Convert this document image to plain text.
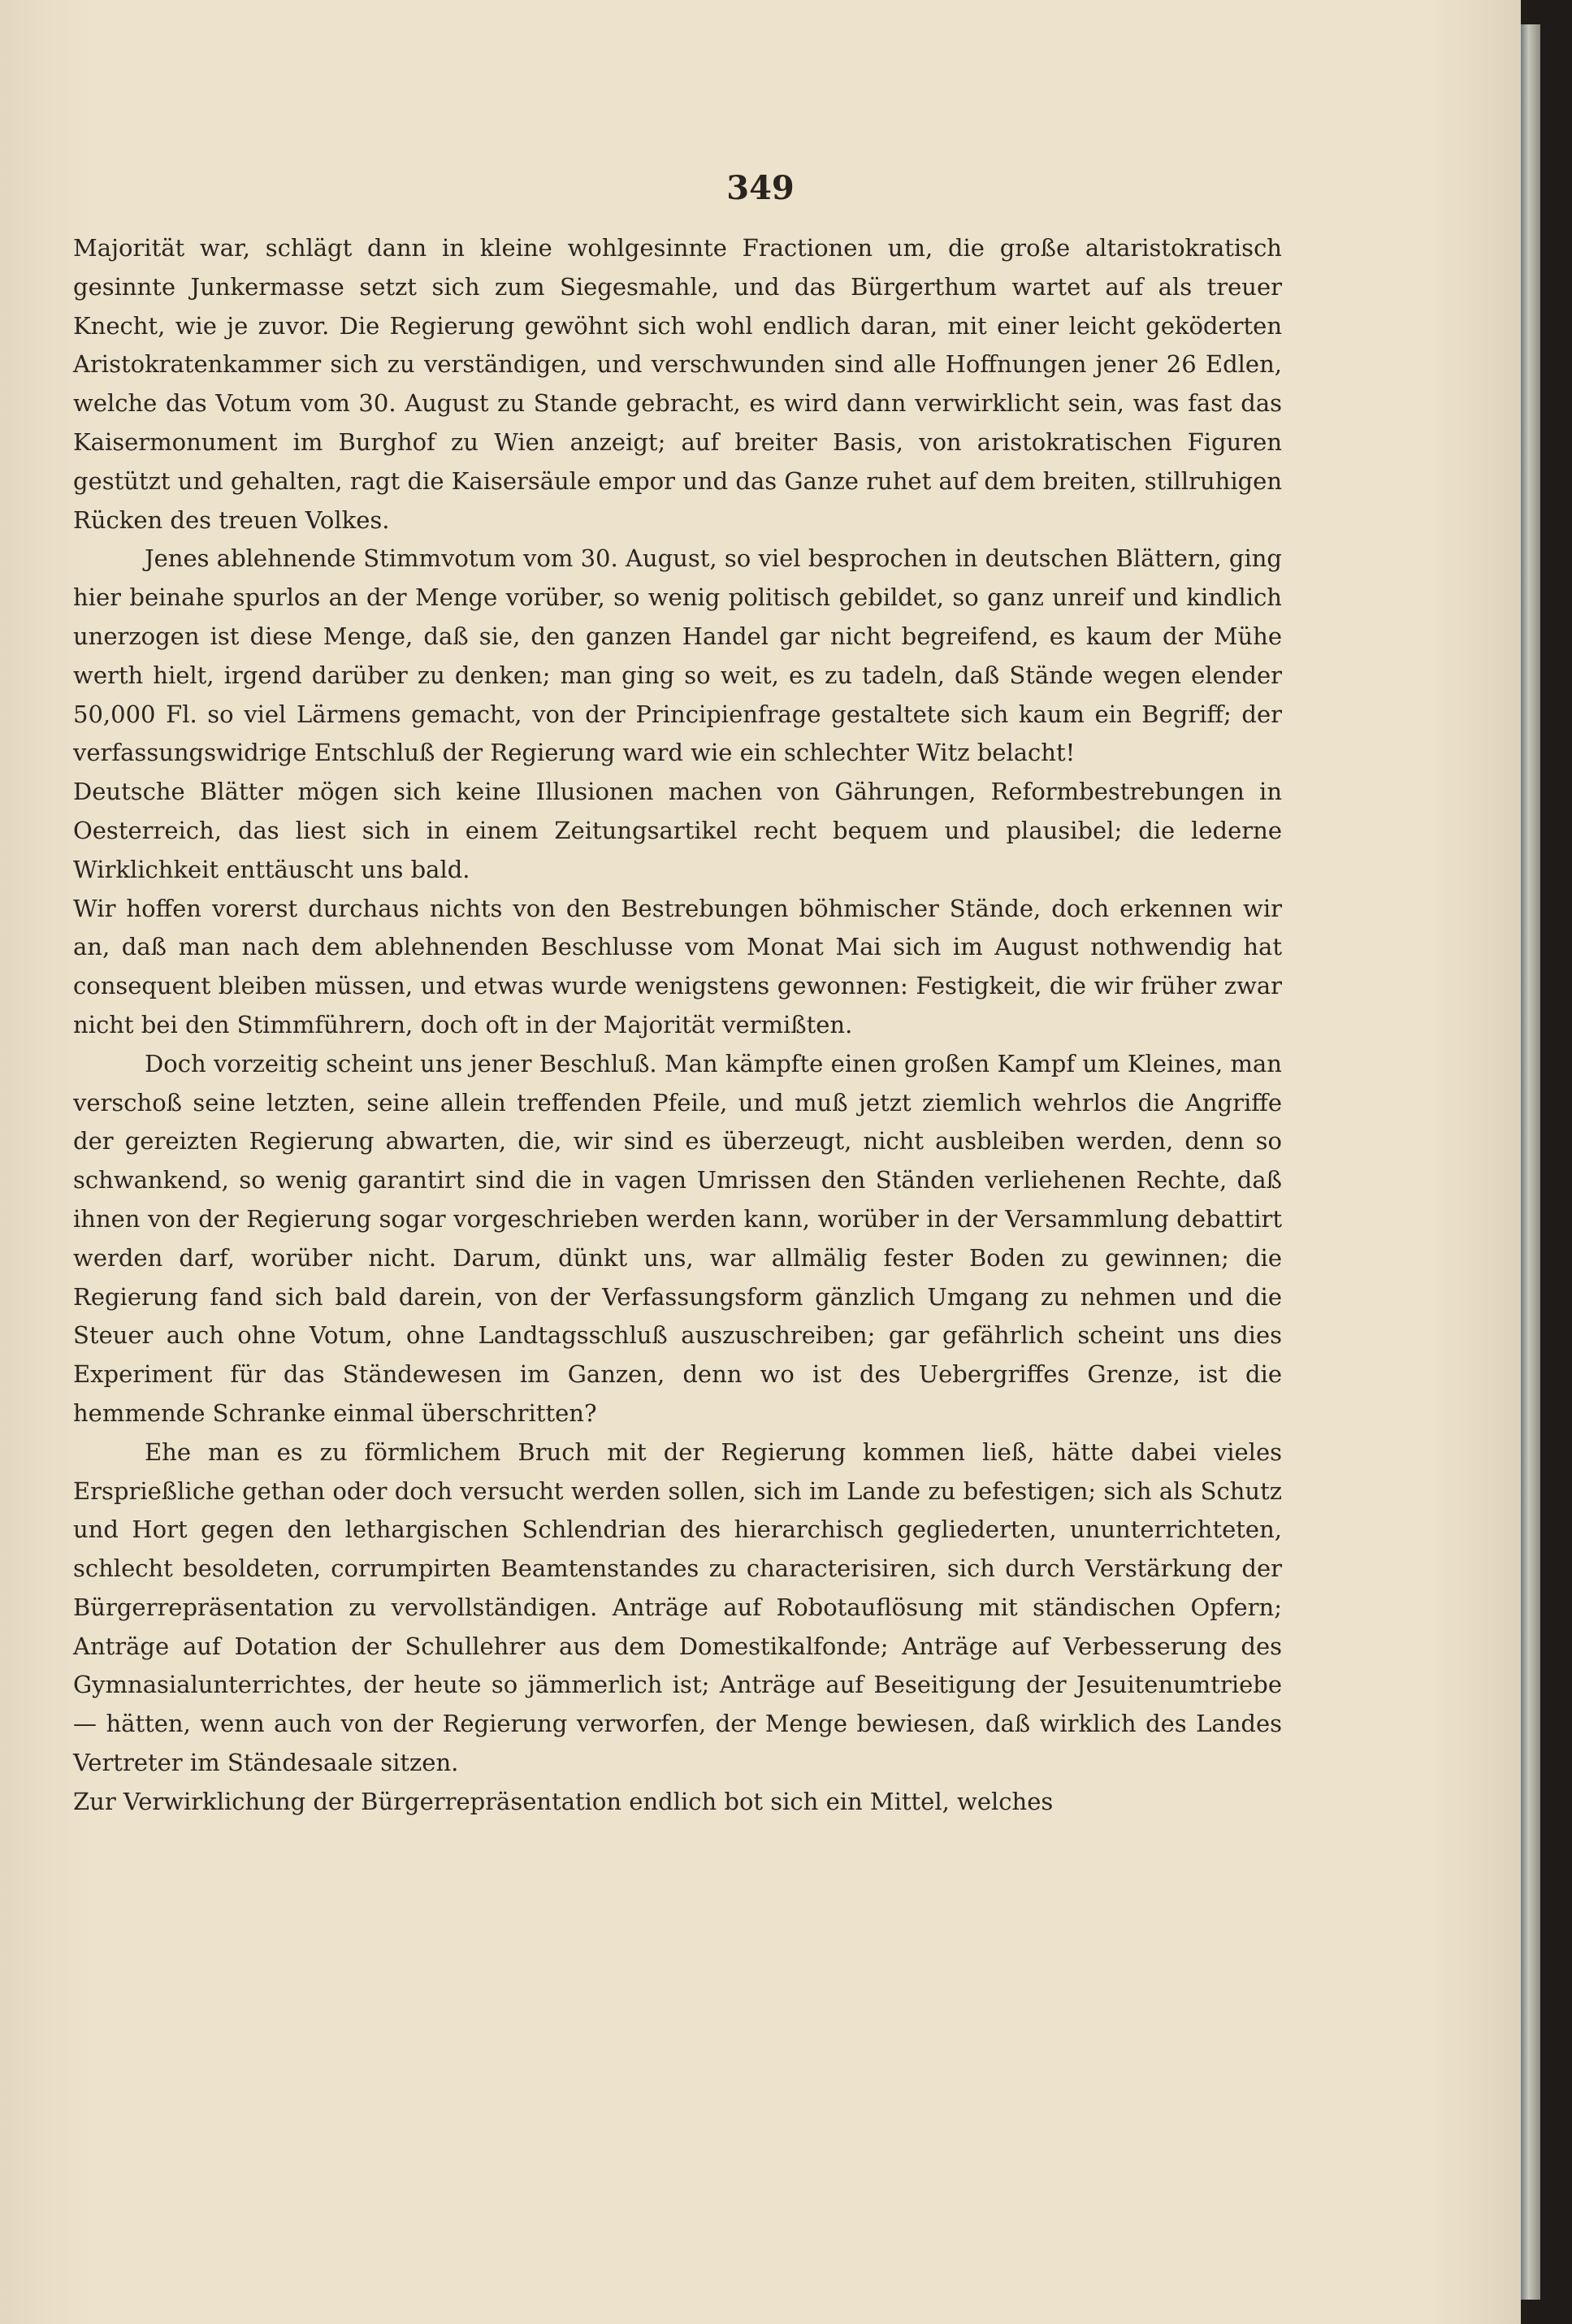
349

Majorität war, schlägt dann in kleine wohlgesinnte Fractionen um, die große altaristokratisch gesinnte Junkermasse setzt sich zum Siegesmahle, und das Bürgerthum wartet auf als treuer Knecht, wie je zuvor. Die Regierung gewöhnt sich wohl endlich daran, mit einer leicht geköderten Aristokratenkammer sich zu verständigen, und verschwunden sind alle Hoffnungen jener 26 Edlen, welche das Votum vom 30. August zu Stande gebracht, es wird dann verwirklicht sein, was fast das Kaisermonument im Burghof zu Wien anzeigt; auf breiter Basis, von aristokratischen Figuren gestützt und gehalten, ragt die Kaisersäule empor und das Ganze ruhet auf dem breiten, stillruhigen Rücken des treuen Volkes.

Jenes ablehnende Stimmvotum vom 30. August, so viel besprochen in deutschen Blättern, ging hier beinahe spurlos an der Menge vorüber, so wenig politisch gebildet, so ganz unreif und kindlich unerzogen ist diese Menge, daß sie, den ganzen Handel gar nicht begreifend, es kaum der Mühe werth hielt, irgend darüber zu denken; man ging so weit, es zu tadeln, daß Stände wegen elender 50,000 Fl. so viel Lärmens gemacht, von der Principienfrage gestaltete sich kaum ein Begriff; der verfassungswidrige Entschluß der Regierung ward wie ein schlechter Witz belacht!

Deutsche Blätter mögen sich keine Illusionen machen von Gährungen, Reformbestrebungen in Oesterreich, das liest sich in einem Zeitungsartikel recht bequem und plausibel; die lederne Wirklichkeit enttäuscht uns bald.

Wir hoffen vorerst durchaus nichts von den Bestrebungen böhmischer Stände, doch erkennen wir an, daß man nach dem ablehnenden Beschlusse vom Monat Mai sich im August nothwendig hat consequent bleiben müssen, und etwas wurde wenigstens gewonnen: Festigkeit, die wir früher zwar nicht bei den Stimmführern, doch oft in der Majorität vermißten.

Doch vorzeitig scheint uns jener Beschluß. Man kämpfte einen großen Kampf um Kleines, man verschoß seine letzten, seine allein treffenden Pfeile, und muß jetzt ziemlich wehrlos die Angriffe der gereizten Regierung abwarten, die, wir sind es überzeugt, nicht ausbleiben werden, denn so schwankend, so wenig garantirt sind die in vagen Umrissen den Ständen verliehenen Rechte, daß ihnen von der Regierung sogar vorgeschrieben werden kann, worüber in der Versammlung debattirt werden darf, worüber nicht. Darum, dünkt uns, war allmälig fester Boden zu gewinnen; die Regierung fand sich bald darein, von der Verfassungsform gänzlich Umgang zu nehmen und die Steuer auch ohne Votum, ohne Landtagsschluß auszuschreiben; gar gefährlich scheint uns dies Experiment für das Ständewesen im Ganzen, denn wo ist des Uebergriffes Grenze, ist die hemmende Schranke einmal überschritten?

Ehe man es zu förmlichem Bruch mit der Regierung kommen ließ, hätte dabei vieles Ersprießliche gethan oder doch versucht werden sollen, sich im Lande zu befestigen; sich als Schutz und Hort gegen den lethargischen Schlendrian des hierarchisch gegliederten, ununterrichteten, schlecht besoldeten, corrumpirten Beamtenstandes zu characterisiren, sich durch Verstärkung der Bürgerrepräsentation zu vervollständigen. Anträge auf Robotauflösung mit ständischen Opfern; Anträge auf Dotation der Schullehrer aus dem Domestikalfonde; Anträge auf Verbesserung des Gymnasialunterrichtes, der heute so jämmerlich ist; Anträge auf Beseitigung der Jesuitenumtriebe — hätten, wenn auch von der Regierung verworfen, der Menge bewiesen, daß wirklich des Landes Vertreter im Ständesaale sitzen.

Zur Verwirklichung der Bürgerrepräsentation endlich bot sich ein Mittel, welches
